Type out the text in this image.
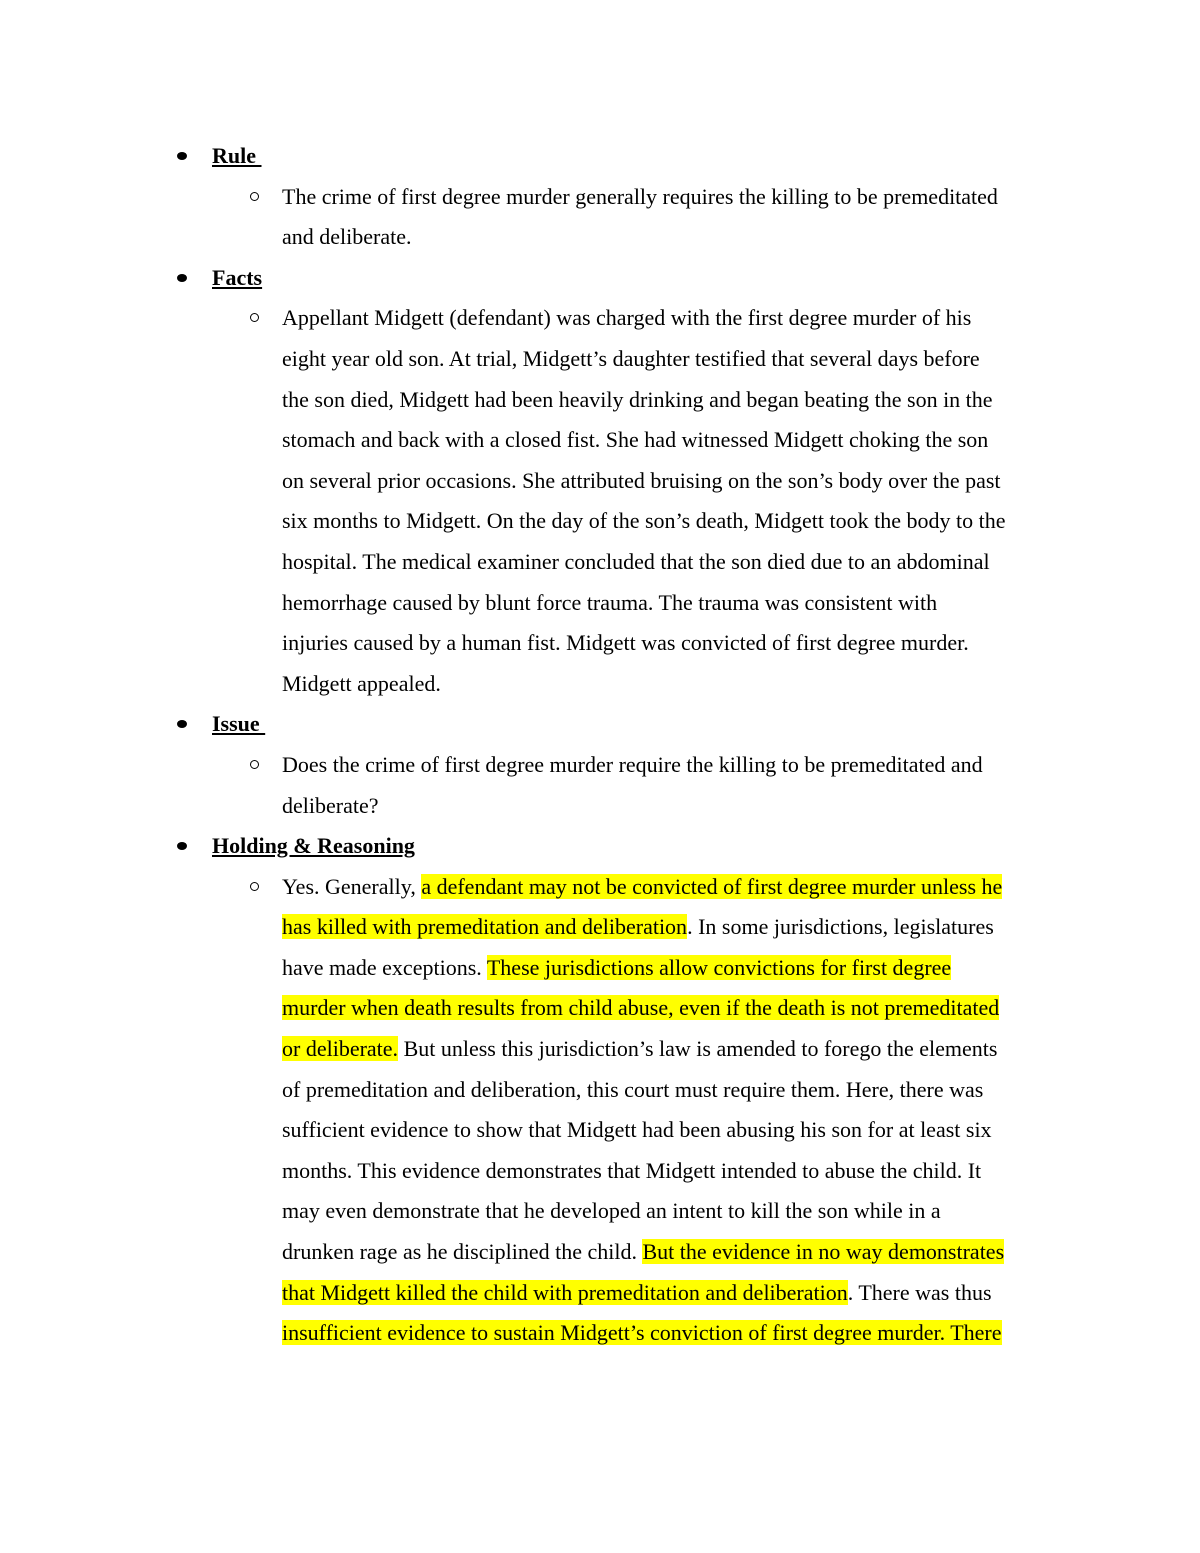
Rule
The crime of first degree murder generally requires the killing to be premeditated
and deliberate.
Facts
Appellant Midgett (defendant) was charged with the first degree murder of his
eight year old son. At trial, Midgett’s daughter testified that several days before
the son died, Midgett had been heavily drinking and began beating the son in the
stomach and back with a closed fist. She had witnessed Midgett choking the son
on several prior occasions. She attributed bruising on the son’s body over the past
six months to Midgett. On the day of the son’s death, Midgett took the body to the
hospital. The medical examiner concluded that the son died due to an abdominal
hemorrhage caused by blunt force trauma. The trauma was consistent with
injuries caused by a human fist. Midgett was convicted of first degree murder.
Midgett appealed.
Issue
Does the crime of first degree murder require the killing to be premeditated and
deliberate?
Holding & Reasoning
Yes. Generally, a defendant may not be convicted of first degree murder unless he
has killed with premeditation and deliberation. In some jurisdictions, legislatures
have made exceptions. These jurisdictions allow convictions for first degree
murder when death results from child abuse, even if the death is not premeditated
or deliberate. But unless this jurisdiction’s law is amended to forego the elements
of premeditation and deliberation, this court must require them. Here, there was
sufficient evidence to show that Midgett had been abusing his son for at least six
months. This evidence demonstrates that Midgett intended to abuse the child. It
may even demonstrate that he developed an intent to kill the son while in a
drunken rage as he disciplined the child. But the evidence in no way demonstrates
that Midgett killed the child with premeditation and deliberation. There was thus
insufficient evidence to sustain Midgett’s conviction of first degree murder. There
